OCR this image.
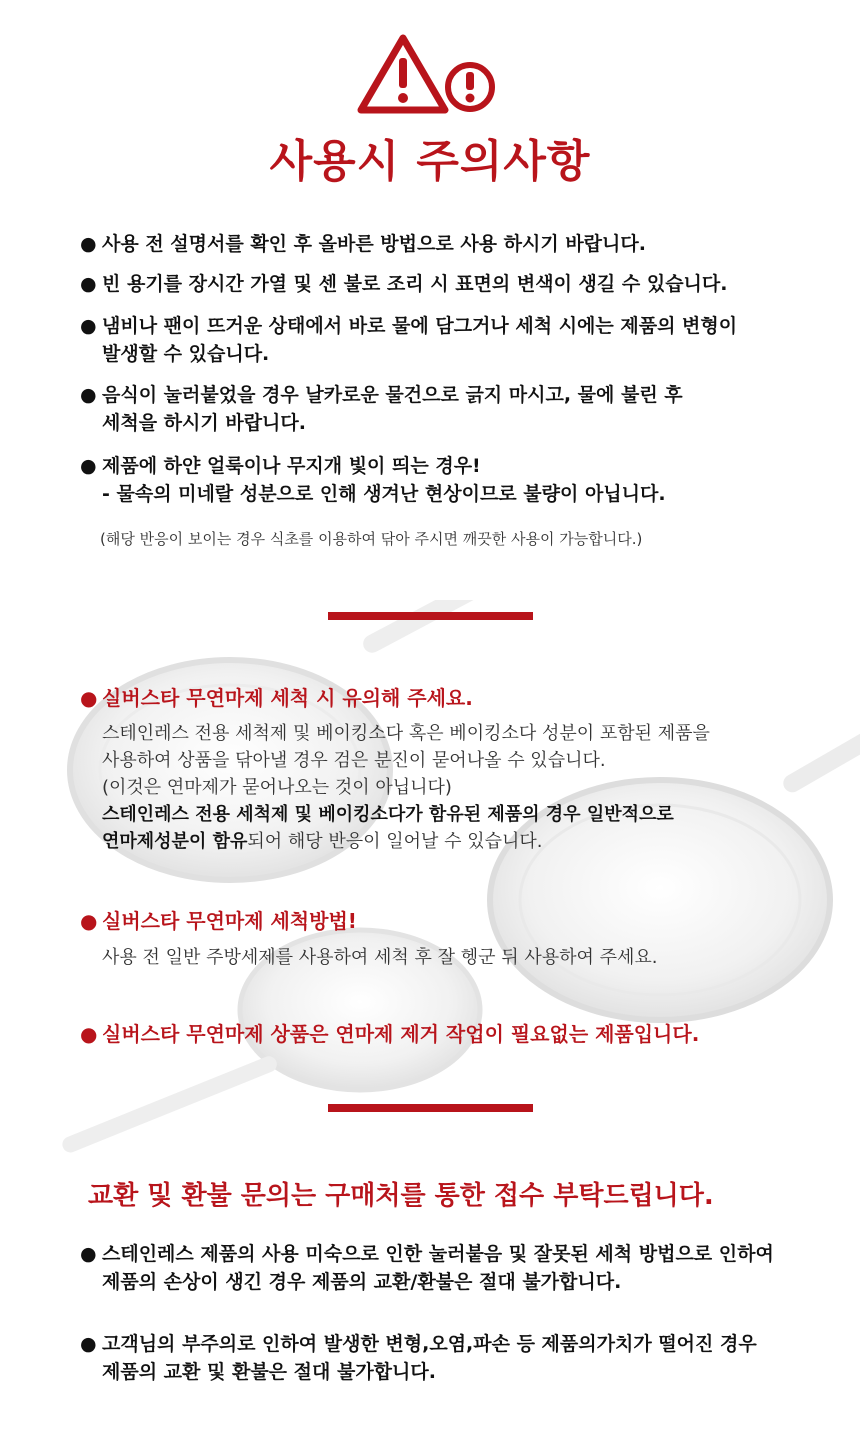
사용시 주의사항
● 사용 전 설명서를 확인 후 올바른 방법으로 사용 하시기 바랍니다.
● 빈 용기를 장시간 가열 및 센 불로 조리 시 표면의 변색이 생길 수 있습니다.
● 냄비나 팬이 뜨거운 상태에서 바로 물에 담그거나 세척 시에는 제품의 변형이
발생할 수 있습니다.
● 음식이 눌러붙었을 경우 날카로운 물건으로 긁지 마시고, 물에 불린 후
세척을 하시기 바랍니다.
● 제품에 하얀 얼룩이나 무지개 빛이 띄는 경우!
- 물속의 미네랄 성분으로 인해 생겨난 현상이므로 불량이 아닙니다.
(해당 반응이 보이는 경우 식초를 이용하여 닦아 주시면 깨끗한 사용이 가능합니다.)
● 실버스타 무연마제 세척 시 유의해 주세요.
스테인레스 전용 세척제 및 베이킹소다 혹은 베이킹소다 성분이 포함된 제품을
사용하여 상품을 닦아낼 경우 검은 분진이 묻어나올 수 있습니다.
(이것은 연마제가 묻어나오는 것이 아닙니다)
스테인레스 전용 세척제 및 베이킹소다가 함유된 제품의 경우 일반적으로
연마제성분이 함유되어 해당 반응이 일어날 수 있습니다.
● 실버스타 무연마제 세척방법!
사용 전 일반 주방세제를 사용하여 세척 후 잘 헹군 뒤 사용하여 주세요.
● 실버스타 무연마제 상품은 연마제 제거 작업이 필요없는 제품입니다.
교환 및 환불 문의는 구매처를 통한 접수 부탁드립니다.
● 스테인레스 제품의 사용 미숙으로 인한 눌러붙음 및 잘못된 세척 방법으로 인하여
제품의 손상이 생긴 경우 제품의 교환/환불은 절대 불가합니다.
● 고객님의 부주의로 인하여 발생한 변형,오염,파손 등 제품의가치가 떨어진 경우
제품의 교환 및 환불은 절대 불가합니다.
